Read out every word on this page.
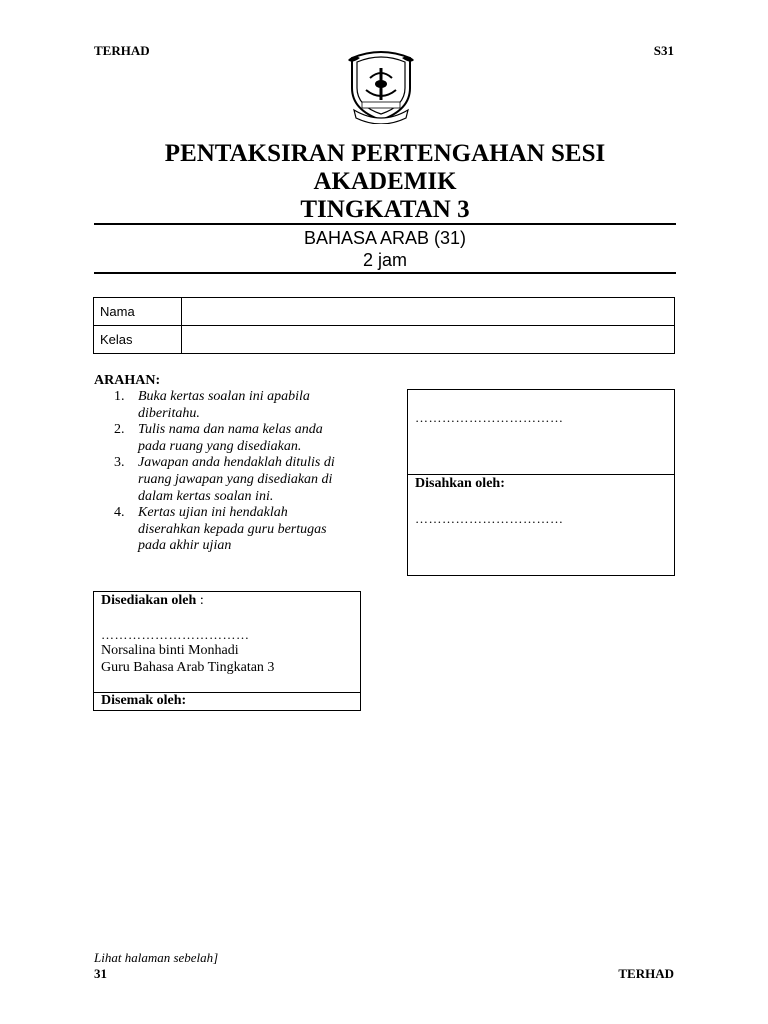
TERHAD	S31
PENTAKSIRAN PERTENGAHAN SESI
AKADEMIK
TINGKATAN 3
BAHASA ARAB (31)
2 jam
Nama	
Kelas	
ARAHAN:
1. Buka kertas soalan ini apabila
diberitahu.
2. Tulis nama dan nama kelas anda
pada ruang yang disediakan.
3. Jawapan anda hendaklah ditulis di
ruang jawapan yang disediakan di
dalam kertas soalan ini.
4. Kertas ujian ini hendaklah
diserahkan kepada guru bertugas
pada akhir ujian
……………………………
Disahkan oleh:
……………………………
Disediakan oleh :
……………………………
Norsalina binti Monhadi
Guru Bahasa Arab Tingkatan 3
Disemak oleh:
Lihat halaman sebelah]
31	TERHAD
